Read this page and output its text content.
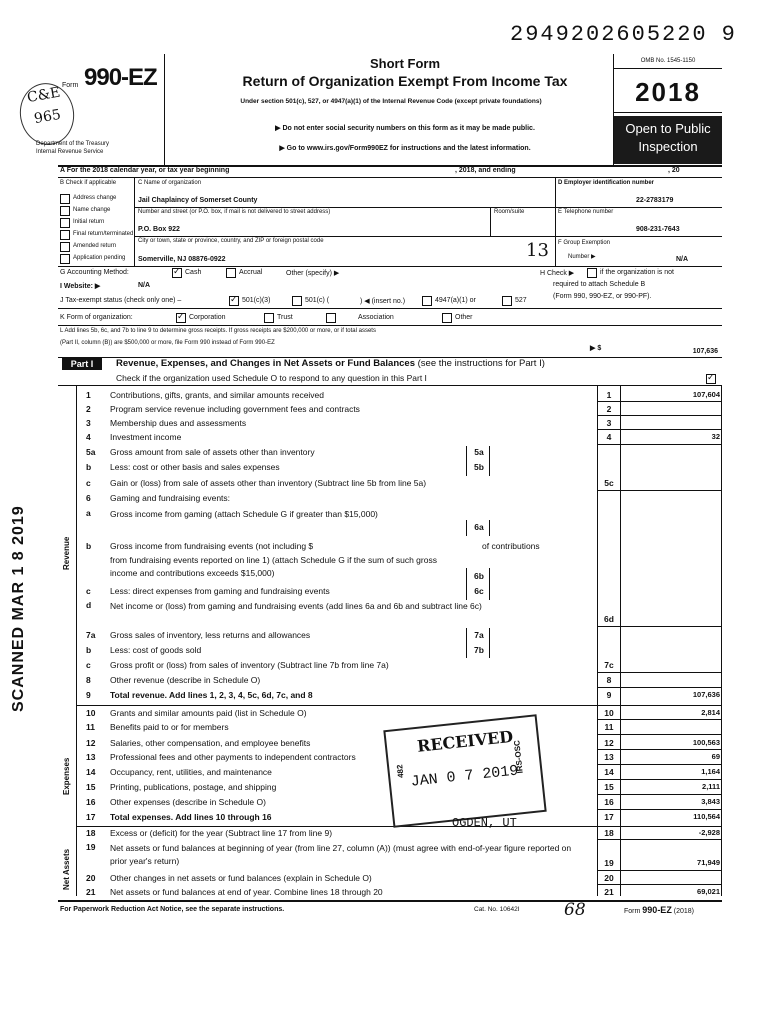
2949202605220 9
Form 990-EZ
C&E 965
Department of the Treasury
Internal Revenue Service
Short Form
Return of Organization Exempt From Income Tax
Under section 501(c), 527, or 4947(a)(1) of the Internal Revenue Code (except private foundations)
▶ Do not enter social security numbers on this form as it may be made public.
▶ Go to www.irs.gov/Form990EZ for instructions and the latest information.
OMB No. 1545-1150
2018
Open to Public Inspection
A For the 2018 calendar year, or tax year beginning	, 2018, and ending	, 20
B Check if applicable
Address change
Name change
Initial return
Final return/terminated
Amended return
Application pending
C Name of organization
Jail Chaplaincy of Somerset County
Number and street (or P.O. box, if mail is not delivered to street address)	Room/suite
P.O. Box 922
City or town, state or province, country, and ZIP or foreign postal code
Somerville, NJ 08876-0922	13
D Employer identification number
22-2783179
E Telephone number
908-231-7643
F Group Exemption
Number ▶	N/A
G Accounting Method: ✓	Cash	Accrual	Other (specify) ▶	H Check ▶	if the organization is not
required to attach Schedule B
(Form 990, 990-EZ, or 990-PF).
I Website: ▶	N/A
J Tax-exempt status (check only one) – ✓	501(c)(3)	501(c) (	) ◀ (insert no.)	4947(a)(1) or	527
K Form of organization: ✓	Corporation	Trust	Association	Other
L Add lines 5b, 6c, and 7b to line 9 to determine gross receipts. If gross receipts are $200,000 or more, or if total assets
(Part II, column (B)) are $500,000 or more, file Form 990 instead of Form 990-EZ
▶ $	107,636
Part I	Revenue, Expenses, and Changes in Net Assets or Fund Balances (see the instructions for Part I)
Check if the organization used Schedule O to respond to any question in this Part I
✓
Revenue
Expenses
Net Assets
1 Contributions, gifts, grants, and similar amounts received	1	107,604
2 Program service revenue including government fees and contracts	2
3 Membership dues and assessments	3
4 Investment income	4	32
5a Gross amount from sale of assets other than inventory	5a
b Less: cost or other basis and sales expenses	5b
c Gain or (loss) from sale of assets other than inventory (Subtract line 5b from line 5a)	5c
6 Gaming and fundraising events:
a Gross income from gaming (attach Schedule G if greater than $15,000)
6a
b Gross income from fundraising events (not including $	of contributions
from fundraising events reported on line 1) (attach Schedule G if the sum of such gross income and contributions exceeds $15,000)	6b
c Less: direct expenses from gaming and fundraising events	6c
d Net income or (loss) from gaming and fundraising events (add lines 6a and 6b and subtract line 6c)
6d
7a Gross sales of inventory, less returns and allowances	7a
b Less: cost of goods sold	7b
c Gross profit or (loss) from sales of inventory (Subtract line 7b from line 7a)	7c
8 Other revenue (describe in Schedule O)	8
9 Total revenue. Add lines 1, 2, 3, 4, 5c, 6d, 7c, and 8	9	107,636
10 Grants and similar amounts paid (list in Schedule O)	10	2,814
11 Benefits paid to or for members	11
12 Salaries, other compensation, and employee benefits	12	100,563
13 Professional fees and other payments to independent contractors	13	69
14 Occupancy, rent, utilities, and maintenance	14	1,164
15 Printing, publications, postage, and shipping	15	2,111
16 Other expenses (describe in Schedule O)	16	3,843
17 Total expenses. Add lines 10 through 16	17	110,564
18 Excess or (deficit) for the year (Subtract line 17 from line 9)	18	-2,928
19 Net assets or fund balances at beginning of year (from line 27, column (A)) (must agree with end-of-year figure reported on prior year's return)	19	71,949
20 Other changes in net assets or fund balances (explain in Schedule O)	20
21 Net assets or fund balances at end of year. Combine lines 18 through 20	21	69,021
SCANNED MAR 1 8 2019
RECEIVED
JAN 0 7 2019
482	IRS-OSC
OGDEN, UT
68
For Paperwork Reduction Act Notice, see the separate instructions.	Cat. No. 10642I	Form 990-EZ (2018)
